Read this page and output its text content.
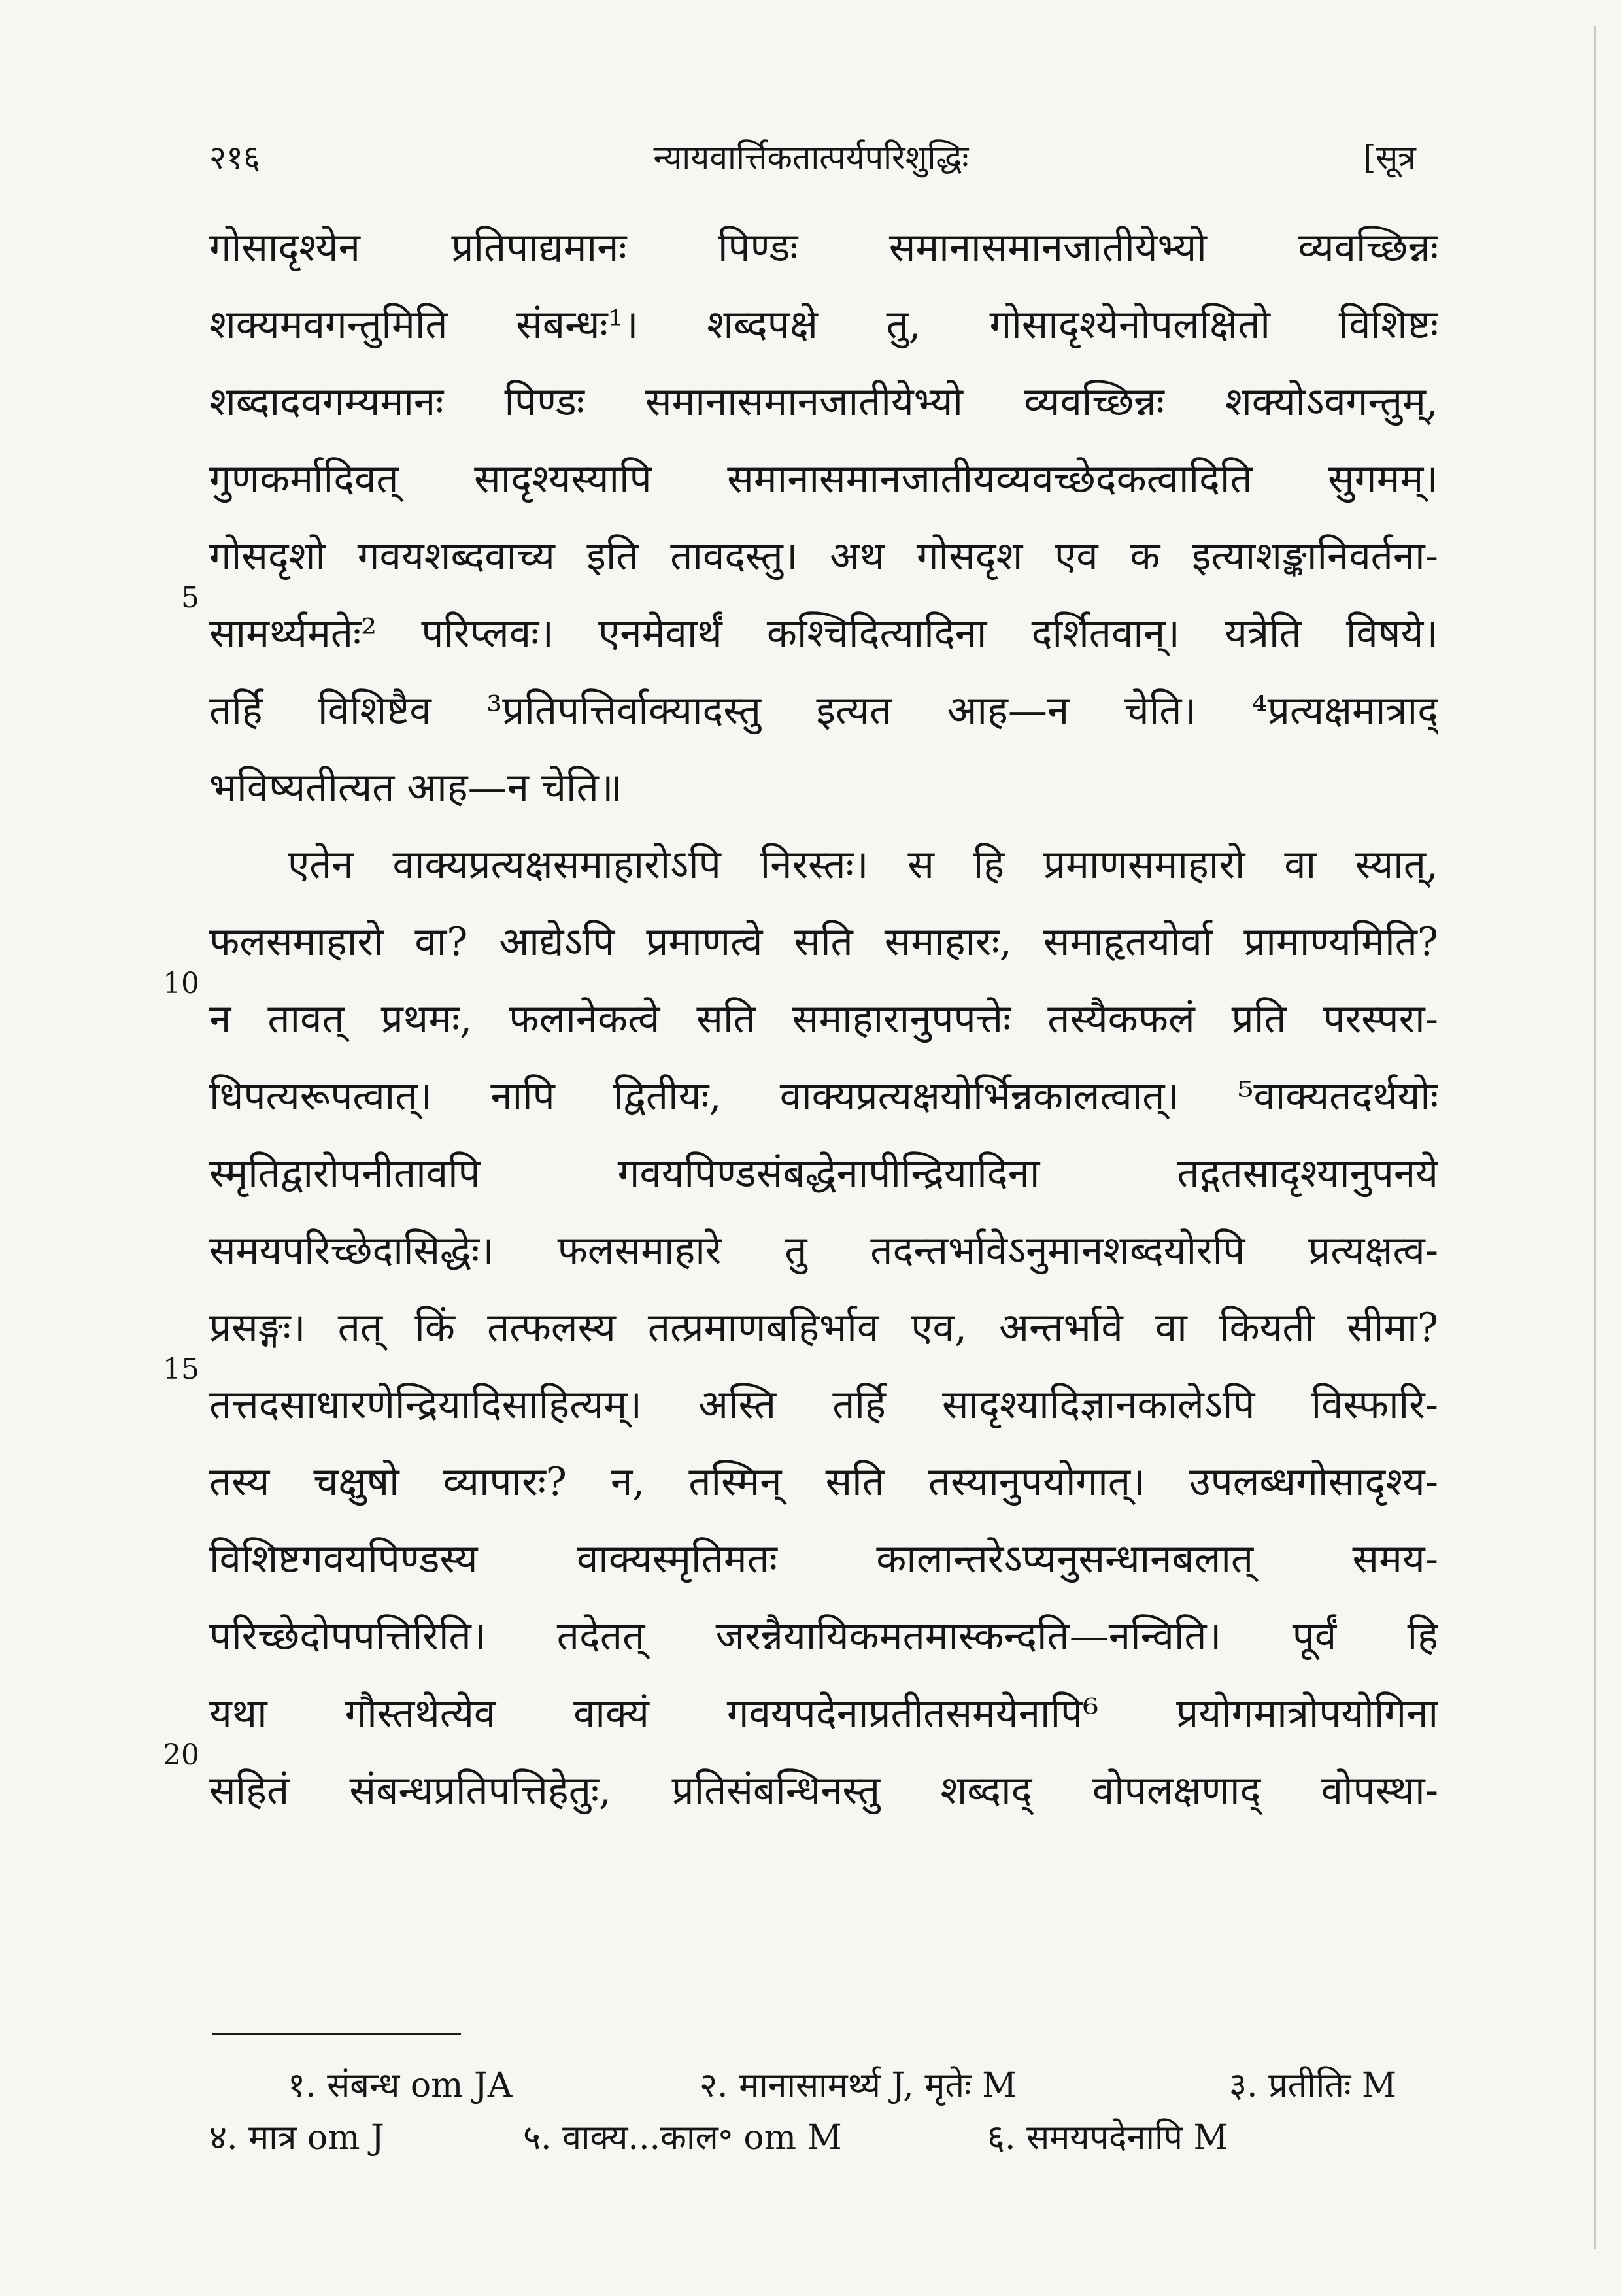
२१६	न्यायवार्त्तिकतात्पर्यपरिशुद्धिः	[सूत्र
5
10
15
20
गोसादृश्येन प्रतिपाद्यमानः पिण्डः समानासमानजातीयेभ्यो व्यवच्छिन्नः
शक्यमवगन्तुमिति संबन्धः¹। शब्दपक्षे तु, गोसादृश्येनोपलक्षितो विशिष्टः
शब्दादवगम्यमानः पिण्डः समानासमानजातीयेभ्यो व्यवच्छिन्नः शक्योऽवगन्तुम्,
गुणकर्मादिवत् सादृश्यस्यापि समानासमानजातीयव्यवच्छेदकत्वादिति सुगमम्।
गोसदृशो गवयशब्दवाच्य इति तावदस्तु। अथ गोसदृश एव क इत्याशङ्कानिवर्तना-
सामर्थ्यमतेः² परिप्लवः। एनमेवार्थं कश्चिदित्यादिना दर्शितवान्। यत्रेति विषये।
तर्हि विशिष्टैव ³प्रतिपत्तिर्वाक्यादस्तु इत्यत आह—न चेति। ⁴प्रत्यक्षमात्राद्
भविष्यतीत्यत आह—न चेति॥
एतेन वाक्यप्रत्यक्षसमाहारोऽपि निरस्तः। स हि प्रमाणसमाहारो वा स्यात्,
फलसमाहारो वा? आद्येऽपि प्रमाणत्वे सति समाहारः, समाहृतयोर्वा प्रामाण्यमिति?
न तावत् प्रथमः, फलानेकत्वे सति समाहारानुपपत्तेः तस्यैकफलं प्रति परस्परा-
धिपत्यरूपत्वात्। नापि द्वितीयः, वाक्यप्रत्यक्षयोर्भिन्नकालत्वात्। ⁵वाक्यतदर्थयोः
स्मृतिद्वारोपनीतावपि गवयपिण्डसंबद्धेनापीन्द्रियादिना तद्गतसादृश्यानुपनये
समयपरिच्छेदासिद्धेः। फलसमाहारे तु तदन्तर्भावेऽनुमानशब्दयोरपि प्रत्यक्षत्व-
प्रसङ्गः। तत् किं तत्फलस्य तत्प्रमाणबहिर्भाव एव, अन्तर्भावे वा कियती सीमा?
तत्तदसाधारणेन्द्रियादिसाहित्यम्। अस्ति तर्हि सादृश्यादिज्ञानकालेऽपि विस्फारि-
तस्य चक्षुषो व्यापारः? न, तस्मिन् सति तस्यानुपयोगात्। उपलब्धगोसादृश्य-
विशिष्टगवयपिण्डस्य वाक्यस्मृतिमतः कालान्तरेऽप्यनुसन्धानबलात् समय-
परिच्छेदोपपत्तिरिति। तदेतत् जरन्नैयायिकमतमास्कन्दति—नन्विति। पूर्वं हि
यथा गौस्तथेत्येव वाक्यं गवयपदेनाप्रतीतसमयेनापि⁶ प्रयोगमात्रोपयोगिना
सहितं संबन्धप्रतिपत्तिहेतुः, प्रतिसंबन्धिनस्तु शब्दाद् वोपलक्षणाद् वोपस्था-
१. संबन्ध om JA	२. मानासामर्थ्य J, मृतेः M	३. प्रतीतिः M
४. मात्र om J	५. वाक्य...काल॰ om M	६. समयपदेनापि M
